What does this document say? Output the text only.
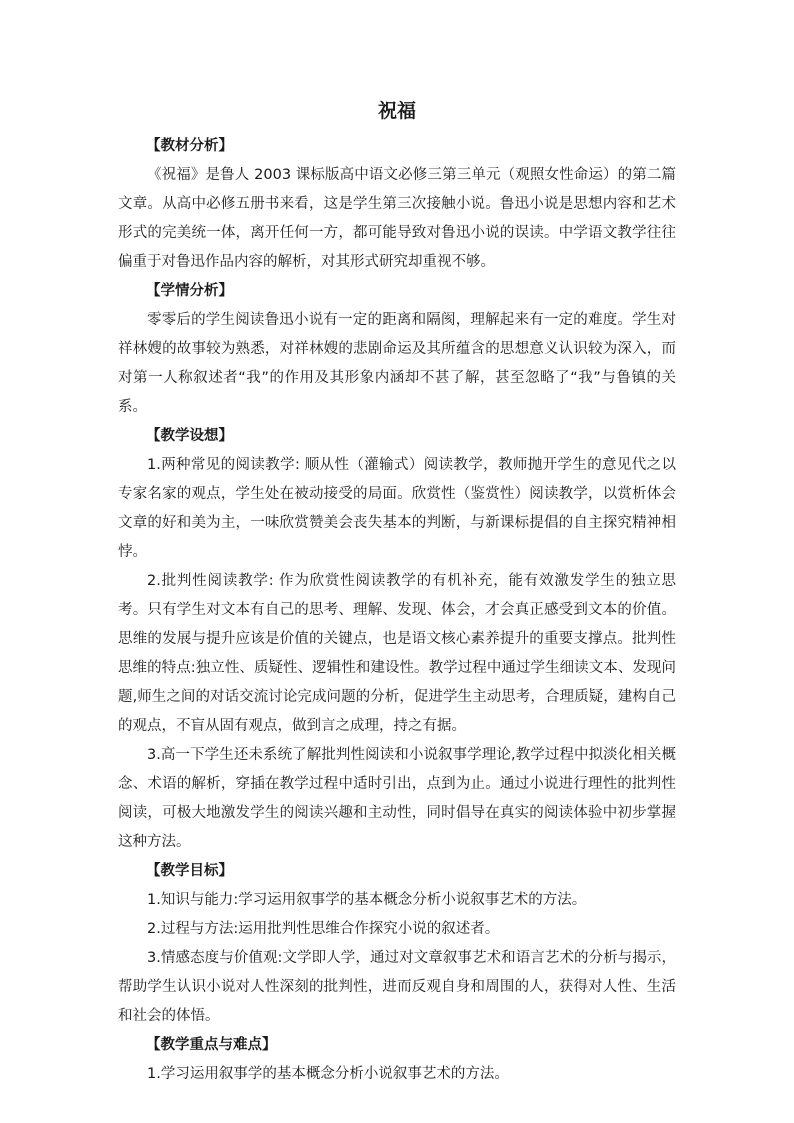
祝福

【教材分析】

《祝福》是鲁人 2003 课标版高中语文必修三第三单元（观照女性命运）的第二篇文章。从高中必修五册书来看，这是学生第三次接触小说。鲁迅小说是思想内容和艺术形式的完美统一体，离开任何一方，都可能导致对鲁迅小说的误读。中学语文教学往往偏重于对鲁迅作品内容的解析，对其形式研究却重视不够。

【学情分析】

零零后的学生阅读鲁迅小说有一定的距离和隔阂，理解起来有一定的难度。学生对祥林嫂的故事较为熟悉，对祥林嫂的悲剧命运及其所蕴含的思想意义认识较为深入，而对第一人称叙述者“我”的作用及其形象内涵却不甚了解，甚至忽略了“我”与鲁镇的关系。

【教学设想】

1.两种常见的阅读教学: 顺从性（灌输式）阅读教学，教师抛开学生的意见代之以专家名家的观点，学生处在被动接受的局面。欣赏性（鉴赏性）阅读教学，以赏析体会文章的好和美为主，一味欣赏赞美会丧失基本的判断，与新课标提倡的自主探究精神相悖。

2.批判性阅读教学: 作为欣赏性阅读教学的有机补充，能有效激发学生的独立思考。只有学生对文本有自己的思考、理解、发现、体会，才会真正感受到文本的价值。思维的发展与提升应该是价值的关键点，也是语文核心素养提升的重要支撑点。批判性思维的特点:独立性、质疑性、逻辑性和建设性。教学过程中通过学生细读文本、发现问题,师生之间的对话交流讨论完成问题的分析，促进学生主动思考，合理质疑，建构自己的观点，不盲从固有观点，做到言之成理，持之有据。

3.高一下学生还未系统了解批判性阅读和小说叙事学理论,教学过程中拟淡化相关概念、术语的解析，穿插在教学过程中适时引出，点到为止。通过小说进行理性的批判性阅读，可极大地激发学生的阅读兴趣和主动性，同时倡导在真实的阅读体验中初步掌握这种方法。

【教学目标】

1.知识与能力:学习运用叙事学的基本概念分析小说叙事艺术的方法。

2.过程与方法:运用批判性思维合作探究小说的叙述者。

3.情感态度与价值观:文学即人学，通过对文章叙事艺术和语言艺术的分析与揭示，帮助学生认识小说对人性深刻的批判性，进而反观自身和周围的人，获得对人性、生活和社会的体悟。

【教学重点与难点】

1.学习运用叙事学的基本概念分析小说叙事艺术的方法。
